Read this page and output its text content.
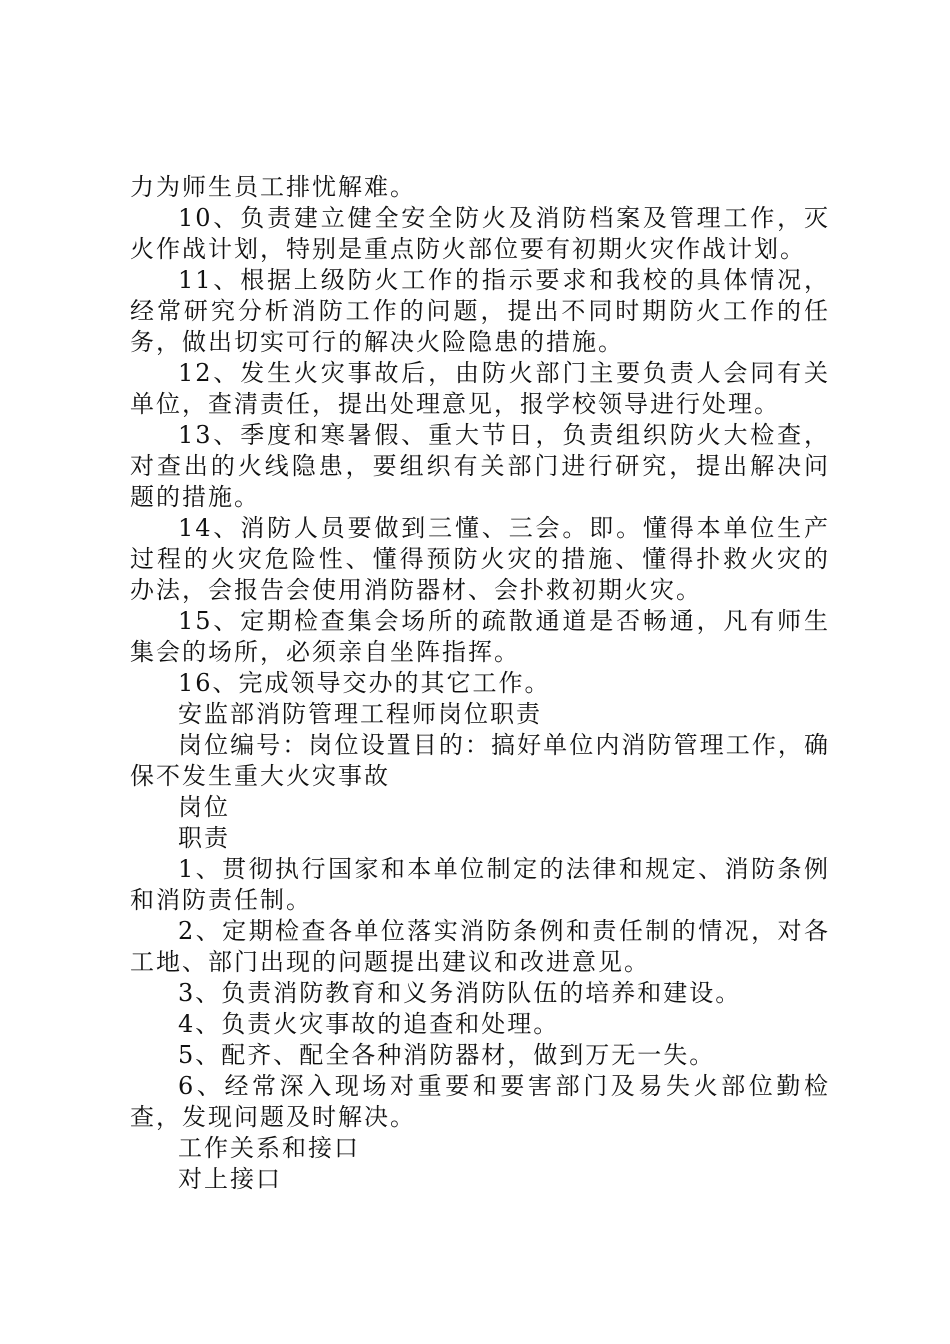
力为师生员工排忧解难。

10、负责建立健全安全防火及消防档案及管理工作，灭火作战计划，特别是重点防火部位要有初期火灾作战计划。

11、根据上级防火工作的指示要求和我校的具体情况，经常研究分析消防工作的问题，提出不同时期防火工作的任务，做出切实可行的解决火险隐患的措施。

12、发生火灾事故后，由防火部门主要负责人会同有关单位，查清责任，提出处理意见，报学校领导进行处理。

13、季度和寒暑假、重大节日，负责组织防火大检查，对查出的火线隐患，要组织有关部门进行研究，提出解决问题的措施。

14、消防人员要做到三懂、三会。即。懂得本单位生产过程的火灾危险性、懂得预防火灾的措施、懂得扑救火灾的办法，会报告会使用消防器材、会扑救初期火灾。

15、定期检查集会场所的疏散通道是否畅通，凡有师生集会的场所，必须亲自坐阵指挥。

16、完成领导交办的其它工作。

安监部消防管理工程师岗位职责

岗位编号：岗位设置目的：搞好单位内消防管理工作，确保不发生重大火灾事故

岗位

职责

1、贯彻执行国家和本单位制定的法律和规定、消防条例和消防责任制。

2、定期检查各单位落实消防条例和责任制的情况，对各工地、部门出现的问题提出建议和改进意见。

3、负责消防教育和义务消防队伍的培养和建设。

4、负责火灾事故的追查和处理。

5、配齐、配全各种消防器材，做到万无一失。

6、经常深入现场对重要和要害部门及易失火部位勤检查，发现问题及时解决。

工作关系和接口

对上接口
